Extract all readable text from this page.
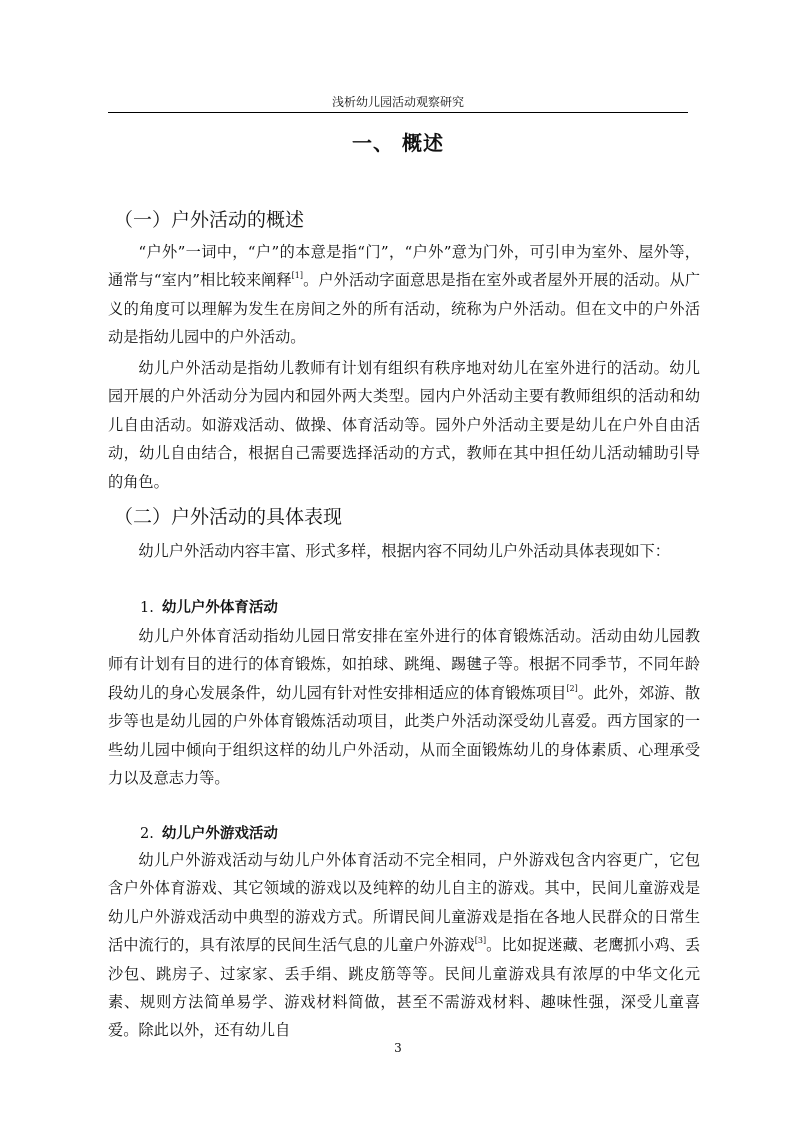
浅析幼儿园活动观察研究
一、 概述
（一）户外活动的概述
“户外”一词中，“户”的本意是指“门”，“户外”意为门外，可引申为室外、屋外等，通常与“室内”相比较来阐释[1]。户外活动字面意思是指在室外或者屋外开展的活动。从广义的角度可以理解为发生在房间之外的所有活动，统称为户外活动。但在文中的户外活动是指幼儿园中的户外活动。
幼儿户外活动是指幼儿教师有计划有组织有秩序地对幼儿在室外进行的活动。幼儿园开展的户外活动分为园内和园外两大类型。园内户外活动主要有教师组织的活动和幼儿自由活动。如游戏活动、做操、体育活动等。园外户外活动主要是幼儿在户外自由活动，幼儿自由结合，根据自己需要选择活动的方式，教师在其中担任幼儿活动辅助引导的角色。
（二）户外活动的具体表现
幼儿户外活动内容丰富、形式多样，根据内容不同幼儿户外活动具体表现如下：
1. 幼儿户外体育活动
幼儿户外体育活动指幼儿园日常安排在室外进行的体育锻炼活动。活动由幼儿园教师有计划有目的进行的体育锻炼，如拍球、跳绳、踢毽子等。根据不同季节，不同年龄段幼儿的身心发展条件，幼儿园有针对性安排相适应的体育锻炼项目[2]。此外，郊游、散步等也是幼儿园的户外体育锻炼活动项目，此类户外活动深受幼儿喜爱。西方国家的一些幼儿园中倾向于组织这样的幼儿户外活动，从而全面锻炼幼儿的身体素质、心理承受力以及意志力等。
2. 幼儿户外游戏活动
幼儿户外游戏活动与幼儿户外体育活动不完全相同，户外游戏包含内容更广，它包含户外体育游戏、其它领域的游戏以及纯粹的幼儿自主的游戏。其中，民间儿童游戏是幼儿户外游戏活动中典型的游戏方式。所谓民间儿童游戏是指在各地人民群众的日常生活中流行的，具有浓厚的民间生活气息的儿童户外游戏[3]。比如捉迷藏、老鹰抓小鸡、丢沙包、跳房子、过家家、丢手绢、跳皮筋等等。民间儿童游戏具有浓厚的中华文化元素、规则方法简单易学、游戏材料简做，甚至不需游戏材料、趣味性强，深受儿童喜爱。除此以外，还有幼儿自
3
